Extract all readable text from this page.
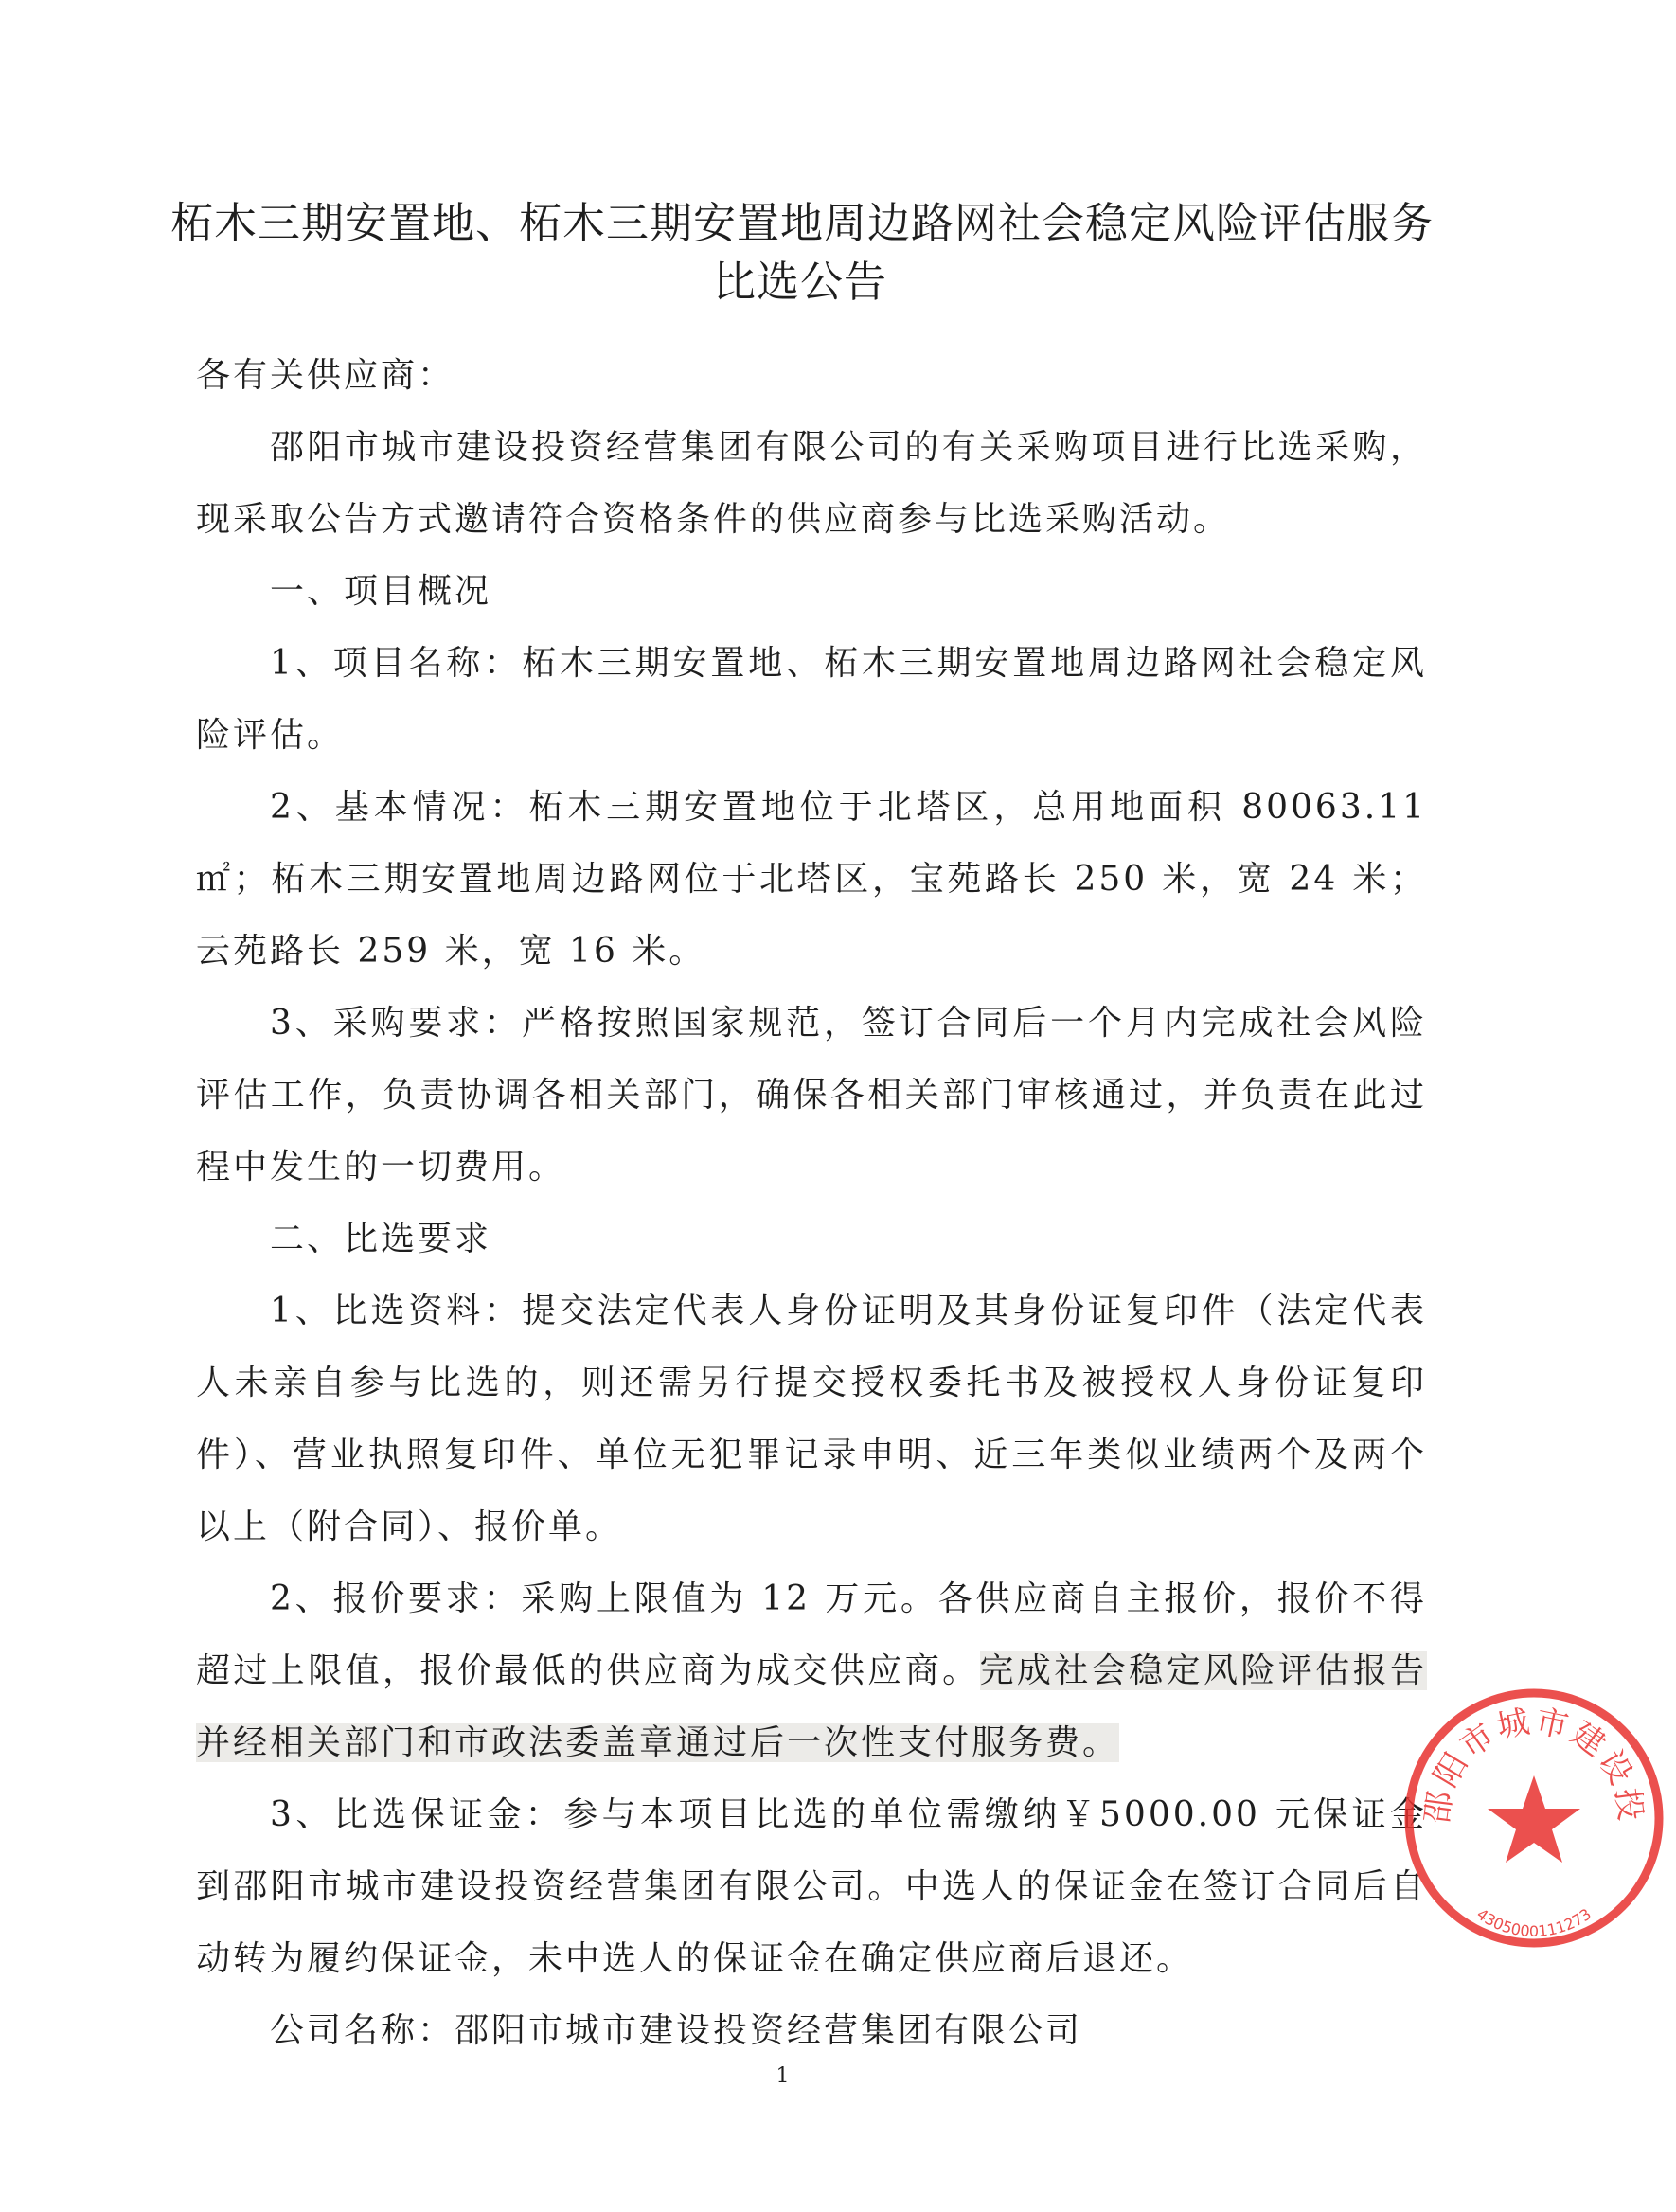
柘木三期安置地、柘木三期安置地周边路网社会稳定风险评估服务
比选公告
各有关供应商：

邵阳市城市建设投资经营集团有限公司的有关采购项目进行比选采购，现采取公告方式邀请符合资格条件的供应商参与比选采购活动。

一、项目概况

1、项目名称：柘木三期安置地、柘木三期安置地周边路网社会稳定风险评估。

2、基本情况：柘木三期安置地位于北塔区，总用地面积 80063.11 ㎡；柘木三期安置地周边路网位于北塔区，宝苑路长 250 米，宽 24 米；云苑路长 259 米，宽 16 米。

3、采购要求：严格按照国家规范，签订合同后一个月内完成社会风险评估工作，负责协调各相关部门，确保各相关部门审核通过，并负责在此过程中发生的一切费用。

二、比选要求

1、比选资料：提交法定代表人身份证明及其身份证复印件（法定代表人未亲自参与比选的，则还需另行提交授权委托书及被授权人身份证复印件）、营业执照复印件、单位无犯罪记录申明、近三年类似业绩两个及两个以上（附合同）、报价单。

2、报价要求：采购上限值为 12 万元。各供应商自主报价，报价不得超过上限值，报价最低的供应商为成交供应商。完成社会稳定风险评估报告并经相关部门和市政法委盖章通过后一次性支付服务费。

3、比选保证金：参与本项目比选的单位需缴纳￥5000.00 元保证金到邵阳市城市建设投资经营集团有限公司。中选人的保证金在签订合同后自动转为履约保证金，未中选人的保证金在确定供应商后退还。

公司名称：邵阳市城市建设投资经营集团有限公司

1
邵阳市城市建设投
4305000111273
